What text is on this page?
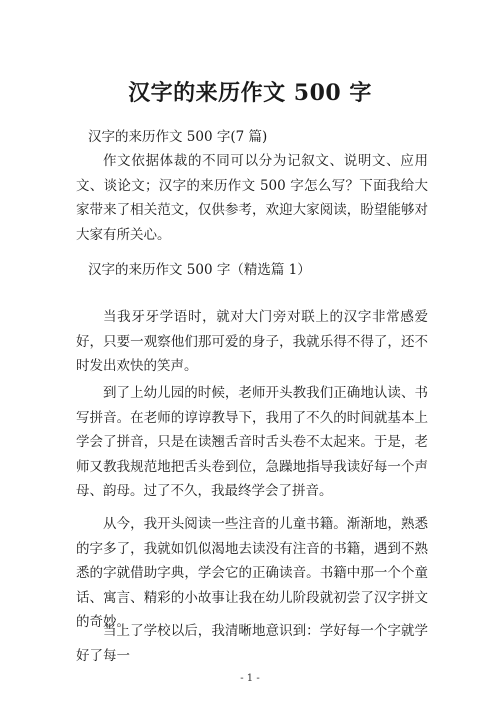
汉字的来历作文 500 字

汉字的来历作文 500 字(7 篇)

作文依据体裁的不同可以分为记叙文、说明文、应用文、谈论文；汉字的来历作文 500 字怎么写？下面我给大家带来了相关范文，仅供参考，欢迎大家阅读，盼望能够对大家有所关心。

汉字的来历作文 500 字（精选篇 1）

当我牙牙学语时，就对大门旁对联上的汉字非常感爱好，只要一观察他们那可爱的身子，我就乐得不得了，还不时发出欢快的笑声。

到了上幼儿园的时候，老师开头教我们正确地认读、书写拼音。在老师的谆谆教导下，我用了不久的时间就基本上学会了拼音，只是在读翘舌音时舌头卷不太起来。于是，老师又教我规范地把舌头卷到位，急躁地指导我读好每一个声母、韵母。过了不久，我最终学会了拼音。

从今，我开头阅读一些注音的儿童书籍。渐渐地，熟悉的字多了，我就如饥似渴地去读没有注音的书籍，遇到不熟悉的字就借助字典，学会它的正确读音。书籍中那一个个童话、寓言、精彩的小故事让我在幼儿阶段就初尝了汉字拼文的奇妙。

当上了学校以后，我清晰地意识到：学好每一个字就学好了每一

- 1 -
